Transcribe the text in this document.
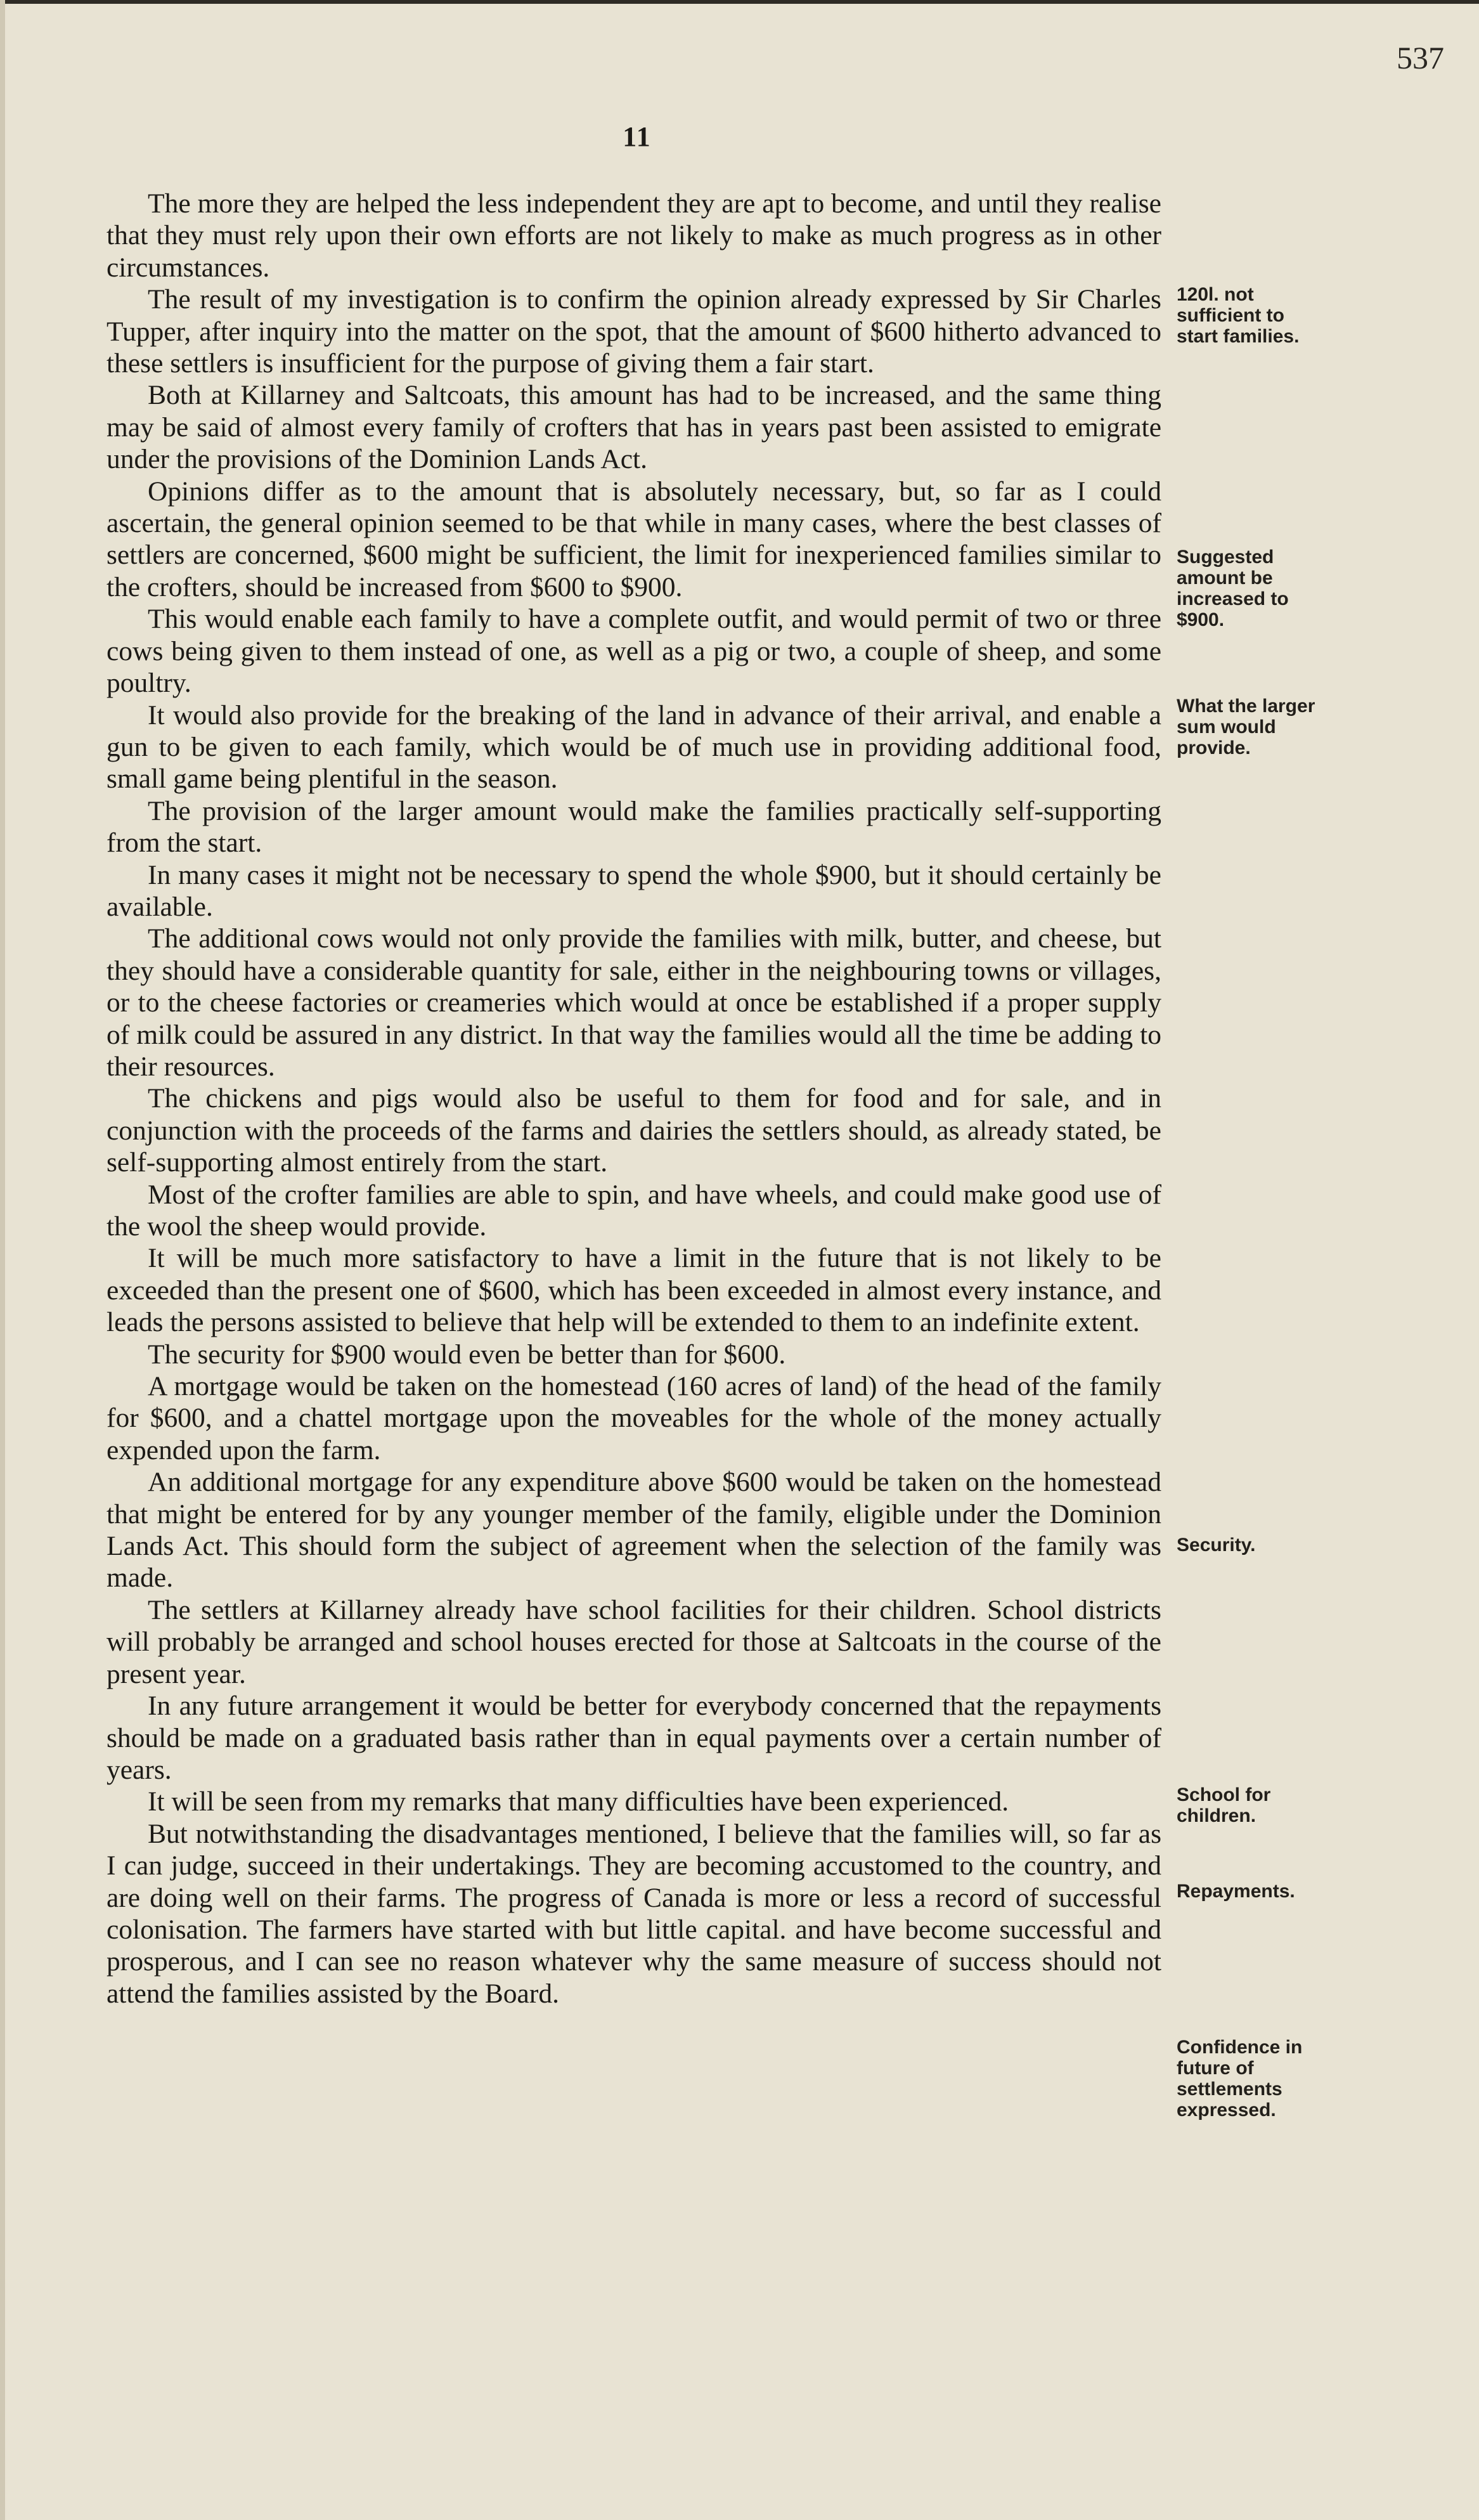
537
11

The more they are helped the less independent they are apt to become, and until they realise that they must rely upon their own efforts are not likely to make as much progress as in other circumstances.

The result of my investigation is to confirm the opinion already expressed by Sir Charles Tupper, after inquiry into the matter on the spot, that the amount of $600 hitherto advanced to these settlers is insufficient for the purpose of giving them a fair start.

Both at Killarney and Saltcoats, this amount has had to be increased, and the same thing may be said of almost every family of crofters that has in years past been assisted to emigrate under the provisions of the Dominion Lands Act.

Opinions differ as to the amount that is absolutely necessary, but, so far as I could ascertain, the general opinion seemed to be that while in many cases, where the best classes of settlers are concerned, $600 might be sufficient, the limit for inexperienced families similar to the crofters, should be increased from $600 to $900.

This would enable each family to have a complete outfit, and would permit of two or three cows being given to them instead of one, as well as a pig or two, a couple of sheep, and some poultry.

It would also provide for the breaking of the land in advance of their arrival, and enable a gun to be given to each family, which would be of much use in providing additional food, small game being plentiful in the season.

The provision of the larger amount would make the families practically self-supporting from the start.

In many cases it might not be necessary to spend the whole $900, but it should certainly be available.

The additional cows would not only provide the families with milk, butter, and cheese, but they should have a considerable quantity for sale, either in the neighbouring towns or villages, or to the cheese factories or creameries which would at once be established if a proper supply of milk could be assured in any district. In that way the families would all the time be adding to their resources.

The chickens and pigs would also be useful to them for food and for sale, and in conjunction with the proceeds of the farms and dairies the settlers should, as already stated, be self-supporting almost entirely from the start.

Most of the crofter families are able to spin, and have wheels, and could make good use of the wool the sheep would provide.

It will be much more satisfactory to have a limit in the future that is not likely to be exceeded than the present one of $600, which has been exceeded in almost every instance, and leads the persons assisted to believe that help will be extended to them to an indefinite extent.

The security for $900 would even be better than for $600.

A mortgage would be taken on the homestead (160 acres of land) of the head of the family for $600, and a chattel mortgage upon the moveables for the whole of the money actually expended upon the farm.

An additional mortgage for any expenditure above $600 would be taken on the homestead that might be entered for by any younger member of the family, eligible under the Dominion Lands Act. This should form the subject of agreement when the selection of the family was made.

The settlers at Killarney already have school facilities for their children. School districts will probably be arranged and school houses erected for those at Saltcoats in the course of the present year.

In any future arrangement it would be better for everybody concerned that the repayments should be made on a graduated basis rather than in equal payments over a certain number of years.

It will be seen from my remarks that many difficulties have been experienced.

But notwithstanding the disadvantages mentioned, I believe that the families will, so far as I can judge, succeed in their undertakings. They are becoming accustomed to the country, and are doing well on their farms. The progress of Canada is more or less a record of successful colonisation. The farmers have started with but little capital. and have become successful and prosperous, and I can see no reason whatever why the same measure of success should not attend the families assisted by the Board.

120l. not sufficient to start families.
Suggested amount be increased to $900.
What the larger sum would provide.
Security.
School for children.
Repayments.
Confidence in future of settlements expressed.
